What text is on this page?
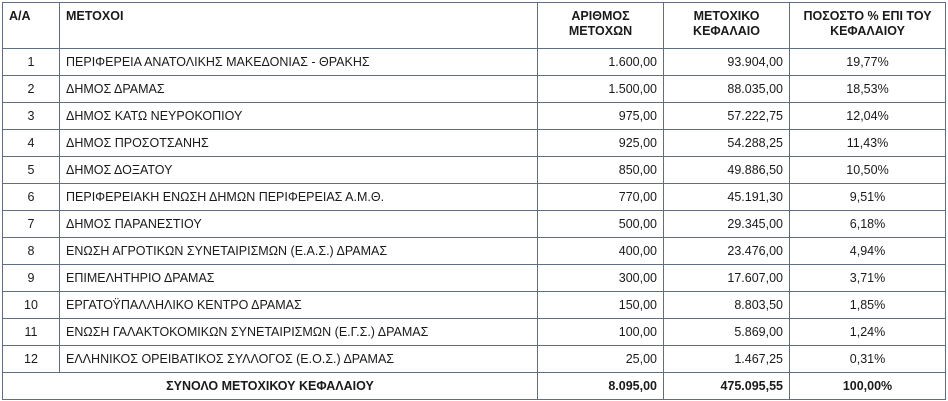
Α/Α	ΜΕΤΟΧΟΙ	ΑΡΙΘΜΟΣ ΜΕΤΟΧΩΝ	ΜΕΤΟΧΙΚΟ ΚΕΦΑΛΑΙΟ	ΠΟΣΟΣΤΟ % ΕΠΙ ΤΟΥ ΚΕΦΑΛΑΙΟΥ
1	ΠΕΡΙΦΕΡΕΙΑ ΑΝΑΤΟΛΙΚΗΣ ΜΑΚΕΔΟΝΙΑΣ - ΘΡΑΚΗΣ	1.600,00	93.904,00	19,77%
2	ΔΗΜΟΣ ΔΡΑΜΑΣ	1.500,00	88.035,00	18,53%
3	ΔΗΜΟΣ ΚΑΤΩ ΝΕΥΡΟΚΟΠΙΟΥ	975,00	57.222,75	12,04%
4	ΔΗΜΟΣ ΠΡΟΣΟΤΣΑΝΗΣ	925,00	54.288,25	11,43%
5	ΔΗΜΟΣ ΔΟΞΑΤΟΥ	850,00	49.886,50	10,50%
6	ΠΕΡΙΦΕΡΕΙΑΚΗ ΕΝΩΣΗ ΔΗΜΩΝ ΠΕΡΙΦΕΡΕΙΑΣ Α.Μ.Θ.	770,00	45.191,30	9,51%
7	ΔΗΜΟΣ ΠΑΡΑΝΕΣΤΙΟΥ	500,00	29.345,00	6,18%
8	ΕΝΩΣΗ ΑΓΡΟΤΙΚΩΝ ΣΥΝΕΤΑΙΡΙΣΜΩΝ (Ε.Α.Σ.) ΔΡΑΜΑΣ	400,00	23.476,00	4,94%
9	ΕΠΙΜΕΛΗΤΗΡΙΟ ΔΡΑΜΑΣ	300,00	17.607,00	3,71%
10	ΕΡΓΑΤΟΫΠΑΛΛΗΛΙΚΟ ΚΕΝΤΡΟ ΔΡΑΜΑΣ	150,00	8.803,50	1,85%
11	ΕΝΩΣΗ ΓΑΛΑΚΤΟΚΟΜΙΚΩΝ ΣΥΝΕΤΑΙΡΙΣΜΩΝ (Ε.Γ.Σ.) ΔΡΑΜΑΣ	100,00	5.869,00	1,24%
12	ΕΛΛΗΝΙΚΟΣ ΟΡΕΙΒΑΤΙΚΟΣ ΣΥΛΛΟΓΟΣ (Ε.Ο.Σ.) ΔΡΑΜΑΣ	25,00	1.467,25	0,31%
ΣΥΝΟΛΟ ΜΕΤΟΧΙΚΟΥ ΚΕΦΑΛΑΙΟΥ		8.095,00	475.095,55	100,00%
